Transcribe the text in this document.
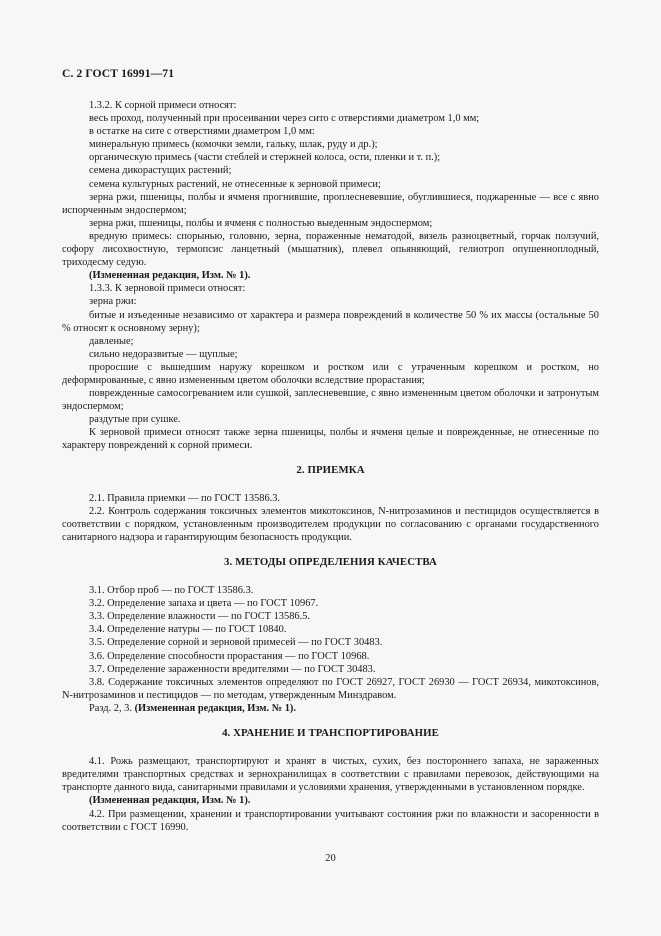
С. 2 ГОСТ 16991—71

1.3.2. К сорной примеси относят:

весь проход, полученный при просеивании через сито с отверстиями диаметром 1,0 мм;

в остатке на сите с отверстиями диаметром 1,0 мм:

минеральную примесь (комочки земли, гальку, шлак, руду и др.);

органическую примесь (части стеблей и стержней колоса, ости, пленки и т. п.);

семена дикорастущих растений;

семена культурных растений, не отнесенные к зерновой примеси;

зерна ржи, пшеницы, полбы и ячменя прогнившие, проплесневевшие, обуглившиеся, поджаренные — все с явно испорченным эндоспермом;

зерна ржи, пшеницы, полбы и ячменя с полностью выеденным эндоспермом;

вредную примесь: спорынью, головню, зерна, пораженные нематодой, вязель разноцветный, горчак ползучий, софору лисохвостную, термопсис ланцетный (мышатник), плевел опьяняющий, гелиотроп опушенноплодный, триходесму седую.

(Измененная редакция, Изм. № 1).

1.3.3. К зерновой примеси относят:

зерна ржи:

битые и изъеденные независимо от характера и размера повреждений в количестве 50 % их массы (остальные 50 % относят к основному зерну);

давленые;

сильно недоразвитые — щуплые;

проросшие с вышедшим наружу корешком и ростком или с утраченным корешком и ростком, но деформированные, с явно измененным цветом оболочки вследствие прорастания;

поврежденные самосогреванием или сушкой, заплесневевшие, с явно измененным цветом оболочки и затронутым эндоспермом;

раздутые при сушке.

К зерновой примеси относят также зерна пшеницы, полбы и ячменя целые и поврежденные, не отнесенные по характеру повреждений к сорной примеси.

2. ПРИЕМКА

2.1. Правила приемки — по ГОСТ 13586.3.

2.2. Контроль содержания токсичных элементов микотоксинов, N-нитрозаминов и пестицидов осуществляется в соответствии с порядком, установленным производителем продукции по согласованию с органами государственного санитарного надзора и гарантирующим безопасность продукции.

3. МЕТОДЫ ОПРЕДЕЛЕНИЯ КАЧЕСТВА

3.1. Отбор проб — по ГОСТ 13586.3.

3.2. Определение запаха и цвета — по ГОСТ 10967.

3.3. Определение влажности — по ГОСТ 13586.5.

3.4. Определение натуры — по ГОСТ 10840.

3.5. Определение сорной и зерновой примесей — по ГОСТ 30483.

3.6. Определение способности прорастания — по ГОСТ 10968.

3.7. Определение зараженности вредителями — по ГОСТ 30483.

3.8. Содержание токсичных элементов определяют по ГОСТ 26927, ГОСТ 26930 — ГОСТ 26934, микотоксинов, N-нитрозаминов и пестицидов — по методам, утвержденным Минздравом.

Разд. 2, 3. (Измененная редакция, Изм. № 1).

4. ХРАНЕНИЕ И ТРАНСПОРТИРОВАНИЕ

4.1. Рожь размещают, транспортируют и хранят в чистых, сухих, без постороннего запаха, не зараженных вредителями транспортных средствах и зернохранилищах в соответствии с правилами перевозок, действующими на транспорте данного вида, санитарными правилами и условиями хранения, утвержденными в установленном порядке.

(Измененная редакция, Изм. № 1).

4.2. При размещении, хранении и транспортировании учитывают состояния ржи по влажности и засоренности в соответствии с ГОСТ 16990.

20
